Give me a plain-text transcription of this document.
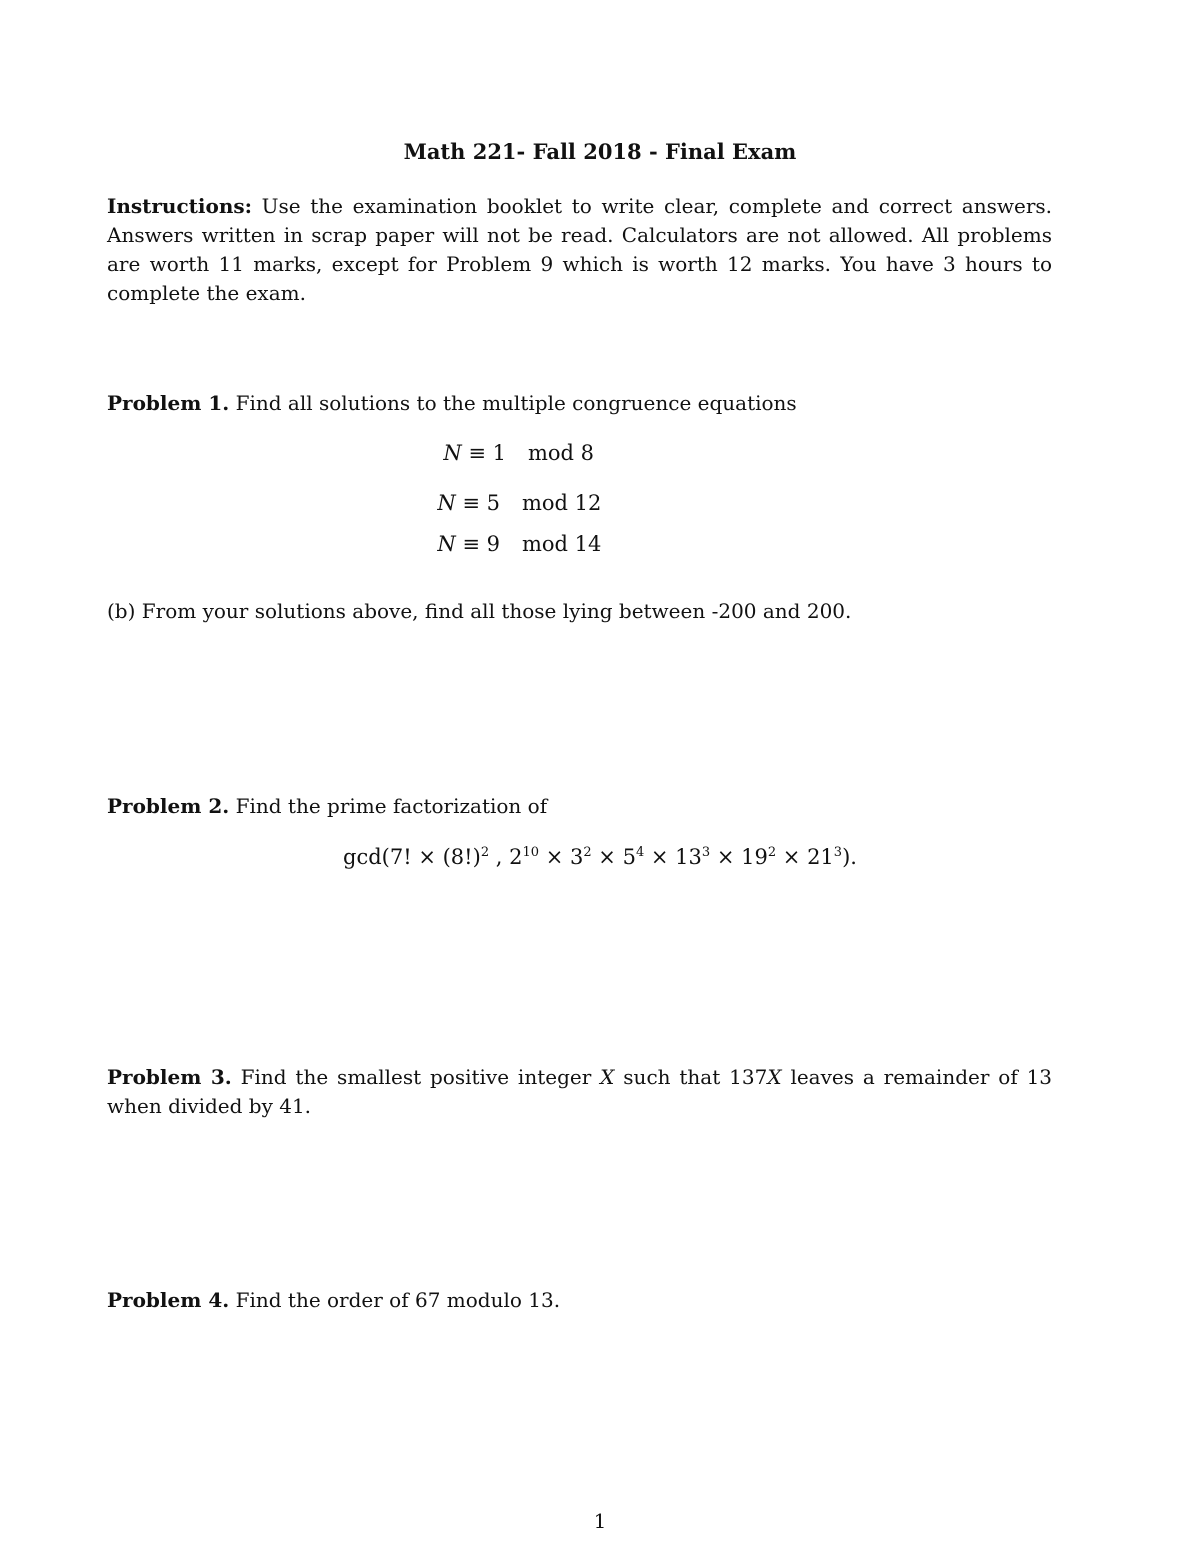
Math 221- Fall 2018 - Final Exam
Instructions: Use the examination booklet to write clear, complete and correct answers. Answers written in scrap paper will not be read. Calculators are not allowed. All problems are worth 11 marks, except for Problem 9 which is worth 12 marks. You have 3 hours to complete the exam.
Problem 1. Find all solutions to the multiple congruence equations
N ≡ 1 mod 8
N ≡ 5 mod 12
N ≡ 9 mod 14
(b) From your solutions above, find all those lying between -200 and 200.
Problem 2. Find the prime factorization of
gcd(7! × $(8!)^2$ , $2^{10} \times 3^2 \times 5^4 \times 13^3 \times 19^2 \times 21^3$).
Problem 3. Find the smallest positive integer X such that 137X leaves a remainder of 13 when divided by 41.
Problem 4. Find the order of 67 modulo 13.
1
